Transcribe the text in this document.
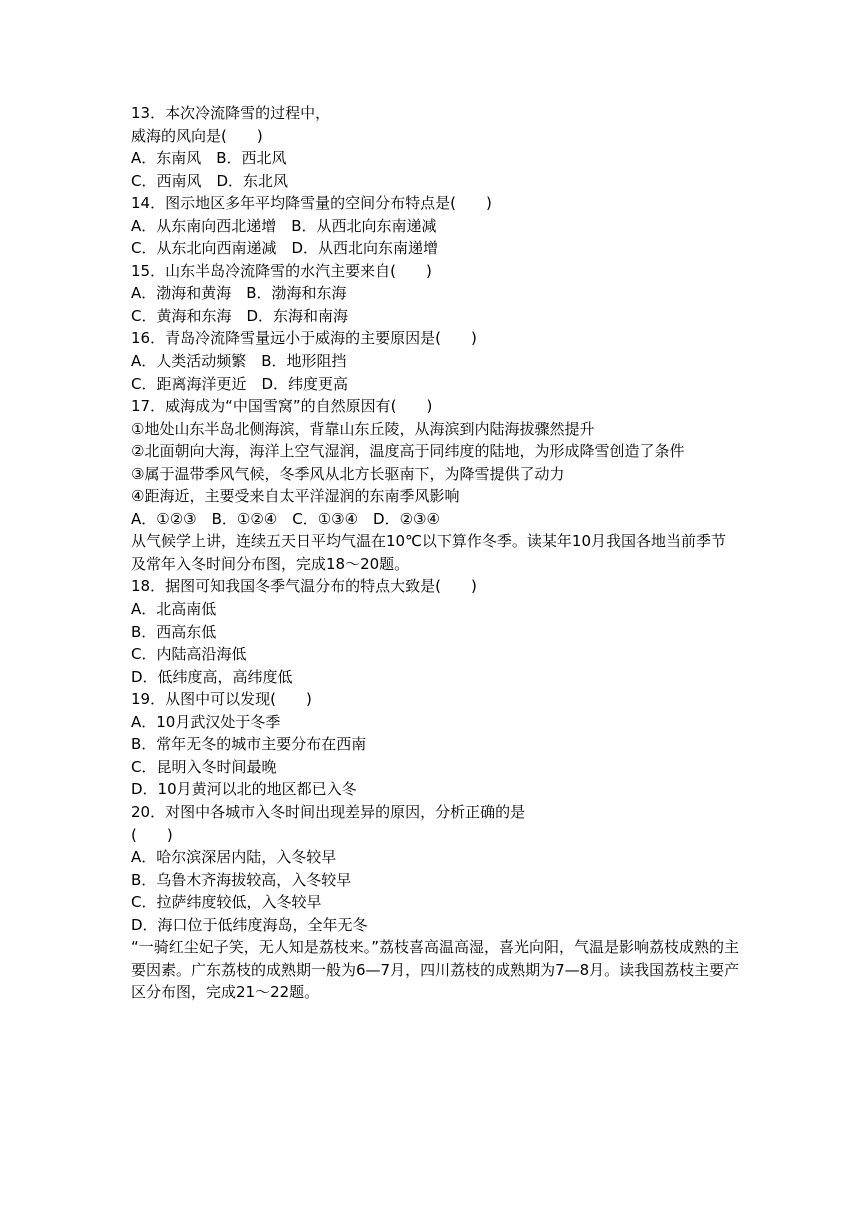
13．本次冷流降雪的过程中，
威海的风向是(　　)
A．东南风　B．西北风
C．西南风　D．东北风
14．图示地区多年平均降雪量的空间分布特点是(　　)
A．从东南向西北递增　B．从西北向东南递减
C．从东北向西南递减　D．从西北向东南递增
15．山东半岛冷流降雪的水汽主要来自(　　)
A．渤海和黄海　B．渤海和东海
C．黄海和东海　D．东海和南海
16．青岛冷流降雪量远小于威海的主要原因是(　　)
A．人类活动频繁　B．地形阻挡
C．距离海洋更近　D．纬度更高
17．威海成为“中国雪窝”的自然原因有(　　)
①地处山东半岛北侧海滨，背靠山东丘陵，从海滨到内陆海拔骤然提升
②北面朝向大海，海洋上空气湿润，温度高于同纬度的陆地，为形成降雪创造了条件
③属于温带季风气候，冬季风从北方长驱南下，为降雪提供了动力
④距海近，主要受来自太平洋湿润的东南季风影响
A．①②③　B．①②④　C．①③④　D．②③④
从气候学上讲，连续五天日平均气温在10℃以下算作冬季。读某年10月我国各地当前季节及常年入冬时间分布图，完成18～20题。
18．据图可知我国冬季气温分布的特点大致是(　　)
A．北高南低
B．西高东低
C．内陆高沿海低
D．低纬度高，高纬度低
19．从图中可以发现(　　)
A．10月武汉处于冬季
B．常年无冬的城市主要分布在西南
C．昆明入冬时间最晚
D．10月黄河以北的地区都已入冬
20．对图中各城市入冬时间出现差异的原因，分析正确的是
(　　)
A．哈尔滨深居内陆，入冬较早
B．乌鲁木齐海拔较高，入冬较早
C．拉萨纬度较低，入冬较早
D．海口位于低纬度海岛，全年无冬
“一骑红尘妃子笑，无人知是荔枝来。”荔枝喜高温高湿，喜光向阳，气温是影响荔枝成熟的主要因素。广东荔枝的成熟期一般为6—7月，四川荔枝的成熟期为7—8月。读我国荔枝主要产区分布图，完成21～22题。
